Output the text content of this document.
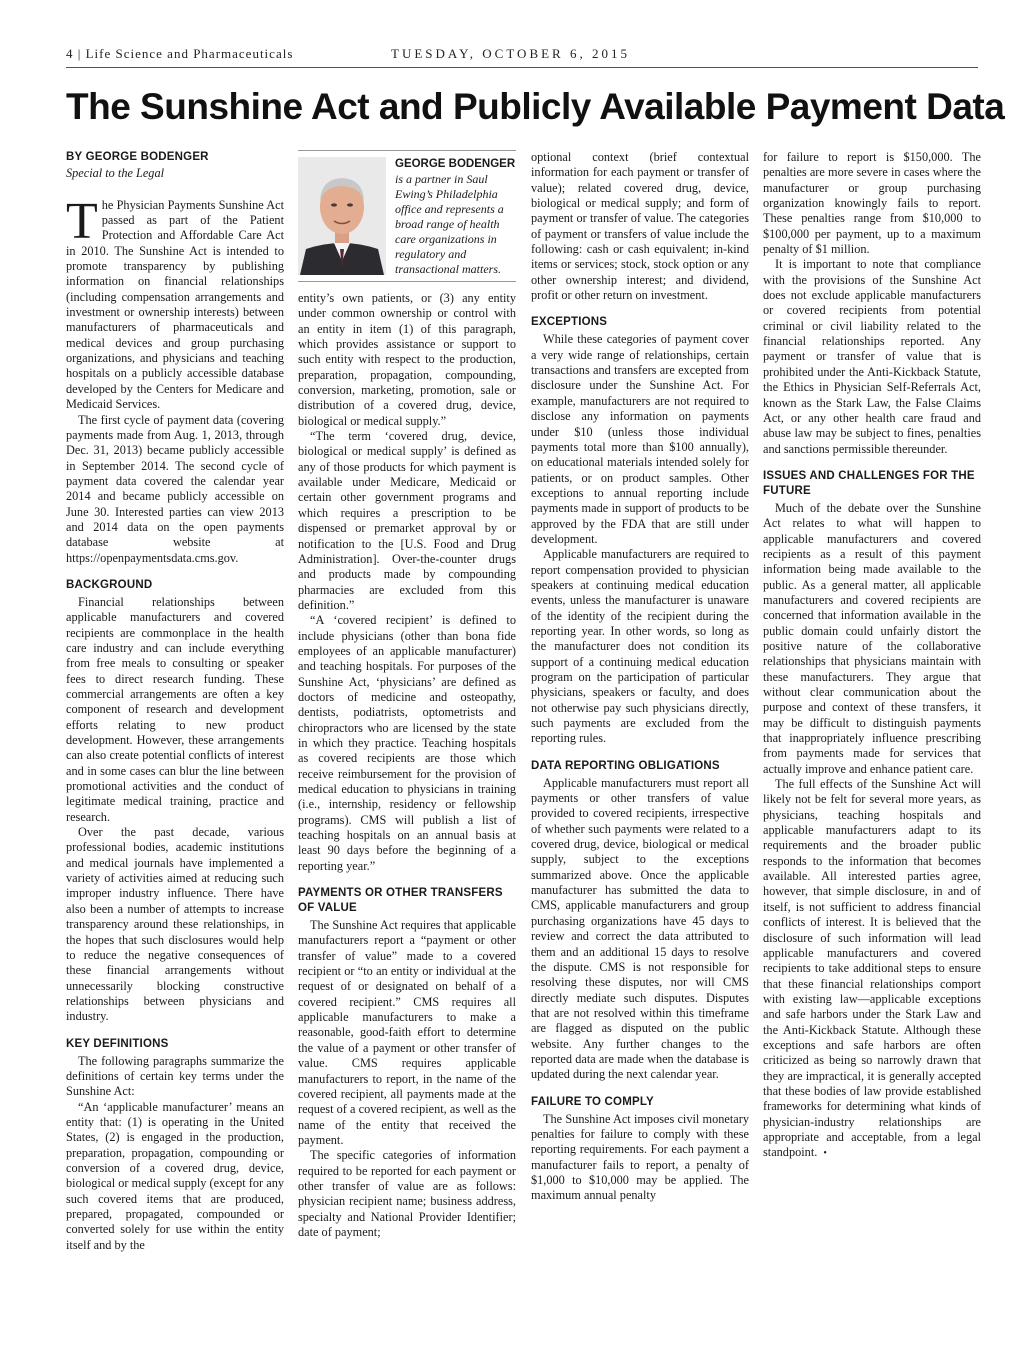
4 | Life Science and Pharmaceuticals	TUESDAY, OCTOBER 6, 2015
The Sunshine Act and Publicly Available Payment Data
BY GEORGE BODENGER
Special to the Legal

The Physician Payments Sunshine Act passed as part of the Patient Protection and Affordable Care Act in 2010. The Sunshine Act is intended to promote transparency by publishing information on financial relationships (including compensation arrangements and investment or ownership interests) between manufacturers of pharmaceuticals and medical devices and group purchasing organizations, and physicians and teaching hospitals on a publicly accessible database developed by the Centers for Medicare and Medicaid Services.

The first cycle of payment data (covering payments made from Aug. 1, 2013, through Dec. 31, 2013) became publicly accessible in September 2014. The second cycle of payment data covered the calendar year 2014 and became publicly accessible on June 30. Interested parties can view 2013 and 2014 data on the open payments database website at https://openpaymentsdata.cms.gov.

BACKGROUND

Financial relationships between applicable manufacturers and covered recipients are commonplace in the health care industry and can include everything from free meals to consulting or speaker fees to direct research funding. These commercial arrangements are often a key component of research and development efforts relating to new product development. However, these arrangements can also create potential conflicts of interest and in some cases can blur the line between promotional activities and the conduct of legitimate medical training, practice and research.

Over the past decade, various professional bodies, academic institutions and medical journals have implemented a variety of activities aimed at reducing such improper industry influence. There have also been a number of attempts to increase transparency around these relationships, in the hopes that such disclosures would help to reduce the negative consequences of these financial arrangements without unnecessarily blocking constructive relationships between physicians and industry.

KEY DEFINITIONS

The following paragraphs summarize the definitions of certain key terms under the Sunshine Act:

“An ‘applicable manufacturer’ means an entity that: (1) is operating in the United States, (2) is engaged in the production, preparation, propagation, compounding or conversion of a covered drug, device, biological or medical supply (except for any such covered items that are produced, prepared, propagated, compounded or converted solely for use within the entity itself and by the

GEORGE BODENGER
is a partner in Saul Ewing’s Philadelphia office and represents a broad range of health care organizations in regulatory and transactional matters.

entity’s own patients, or (3) any entity under common ownership or control with an entity in item (1) of this paragraph, which provides assistance or support to such entity with respect to the production, preparation, propagation, compounding, conversion, marketing, promotion, sale or distribution of a covered drug, device, biological or medical supply.”

“The term ‘covered drug, device, biological or medical supply’ is defined as any of those products for which payment is available under Medicare, Medicaid or certain other government programs and which requires a prescription to be dispensed or premarket approval by or notification to the [U.S. Food and Drug Administration]. Over-the-counter drugs and products made by compounding pharmacies are excluded from this definition.”

“A ‘covered recipient’ is defined to include physicians (other than bona fide employees of an applicable manufacturer) and teaching hospitals. For purposes of the Sunshine Act, ‘physicians’ are defined as doctors of medicine and osteopathy, dentists, podiatrists, optometrists and chiropractors who are licensed by the state in which they practice. Teaching hospitals as covered recipients are those which receive reimbursement for the provision of medical education to physicians in training (i.e., internship, residency or fellowship programs). CMS will publish a list of teaching hospitals on an annual basis at least 90 days before the beginning of a reporting year.”

PAYMENTS OR OTHER TRANSFERS OF VALUE

The Sunshine Act requires that applicable manufacturers report a “payment or other transfer of value” made to a covered recipient or “to an entity or individual at the request of or designated on behalf of a covered recipient.” CMS requires all applicable manufacturers to make a reasonable, good-faith effort to determine the value of a payment or other transfer of value. CMS requires applicable manufacturers to report, in the name of the covered recipient, all payments made at the request of a covered recipient, as well as the name of the entity that received the payment.

The specific categories of information required to be reported for each payment or other transfer of value are as follows: physician recipient name; business address, specialty and National Provider Identifier; date of payment;

optional context (brief contextual information for each payment or transfer of value); related covered drug, device, biological or medical supply; and form of payment or transfer of value. The categories of payment or transfers of value include the following: cash or cash equivalent; in-kind items or services; stock, stock option or any other ownership interest; and dividend, profit or other return on investment.

EXCEPTIONS

While these categories of payment cover a very wide range of relationships, certain transactions and transfers are excepted from disclosure under the Sunshine Act. For example, manufacturers are not required to disclose any information on payments under $10 (unless those individual payments total more than $100 annually), on educational materials intended solely for patients, or on product samples. Other exceptions to annual reporting include payments made in support of products to be approved by the FDA that are still under development.

Applicable manufacturers are required to report compensation provided to physician speakers at continuing medical education events, unless the manufacturer is unaware of the identity of the recipient during the reporting year. In other words, so long as the manufacturer does not condition its support of a continuing medical education program on the participation of particular physicians, speakers or faculty, and does not otherwise pay such physicians directly, such payments are excluded from the reporting rules.

DATA REPORTING OBLIGATIONS

Applicable manufacturers must report all payments or other transfers of value provided to covered recipients, irrespective of whether such payments were related to a covered drug, device, biological or medical supply, subject to the exceptions summarized above. Once the applicable manufacturer has submitted the data to CMS, applicable manufacturers and group purchasing organizations have 45 days to review and correct the data attributed to them and an additional 15 days to resolve the dispute. CMS is not responsible for resolving these disputes, nor will CMS directly mediate such disputes. Disputes that are not resolved within this timeframe are flagged as disputed on the public website. Any further changes to the reported data are made when the database is updated during the next calendar year.

FAILURE TO COMPLY

The Sunshine Act imposes civil monetary penalties for failure to comply with these reporting requirements. For each payment a manufacturer fails to report, a penalty of $1,000 to $10,000 may be applied. The maximum annual penalty

for failure to report is $150,000. The penalties are more severe in cases where the manufacturer or group purchasing organization knowingly fails to report. These penalties range from $10,000 to $100,000 per payment, up to a maximum penalty of $1 million.

It is important to note that compliance with the provisions of the Sunshine Act does not exclude applicable manufacturers or covered recipients from potential criminal or civil liability related to the financial relationships reported. Any payment or transfer of value that is prohibited under the Anti-Kickback Statute, the Ethics in Physician Self-Referrals Act, known as the Stark Law, the False Claims Act, or any other health care fraud and abuse law may be subject to fines, penalties and sanctions permissible thereunder.

ISSUES AND CHALLENGES FOR THE FUTURE

Much of the debate over the Sunshine Act relates to what will happen to applicable manufacturers and covered recipients as a result of this payment information being made available to the public. As a general matter, all applicable manufacturers and covered recipients are concerned that information available in the public domain could unfairly distort the positive nature of the collaborative relationships that physicians maintain with these manufacturers. They argue that without clear communication about the purpose and context of these transfers, it may be difficult to distinguish payments that inappropriately influence prescribing from payments made for services that actually improve and enhance patient care.

The full effects of the Sunshine Act will likely not be felt for several more years, as physicians, teaching hospitals and applicable manufacturers adapt to its requirements and the broader public responds to the information that becomes available. All interested parties agree, however, that simple disclosure, in and of itself, is not sufficient to address financial conflicts of interest. It is believed that the disclosure of such information will lead applicable manufacturers and covered recipients to take additional steps to ensure that these financial relationships comport with existing law—applicable exceptions and safe harbors under the Stark Law and the Anti-Kickback Statute. Although these exceptions and safe harbors are often criticized as being so narrowly drawn that they are impractical, it is generally accepted that these bodies of law provide established frameworks for determining what kinds of physician-industry relationships are appropriate and acceptable, from a legal standpoint. •
